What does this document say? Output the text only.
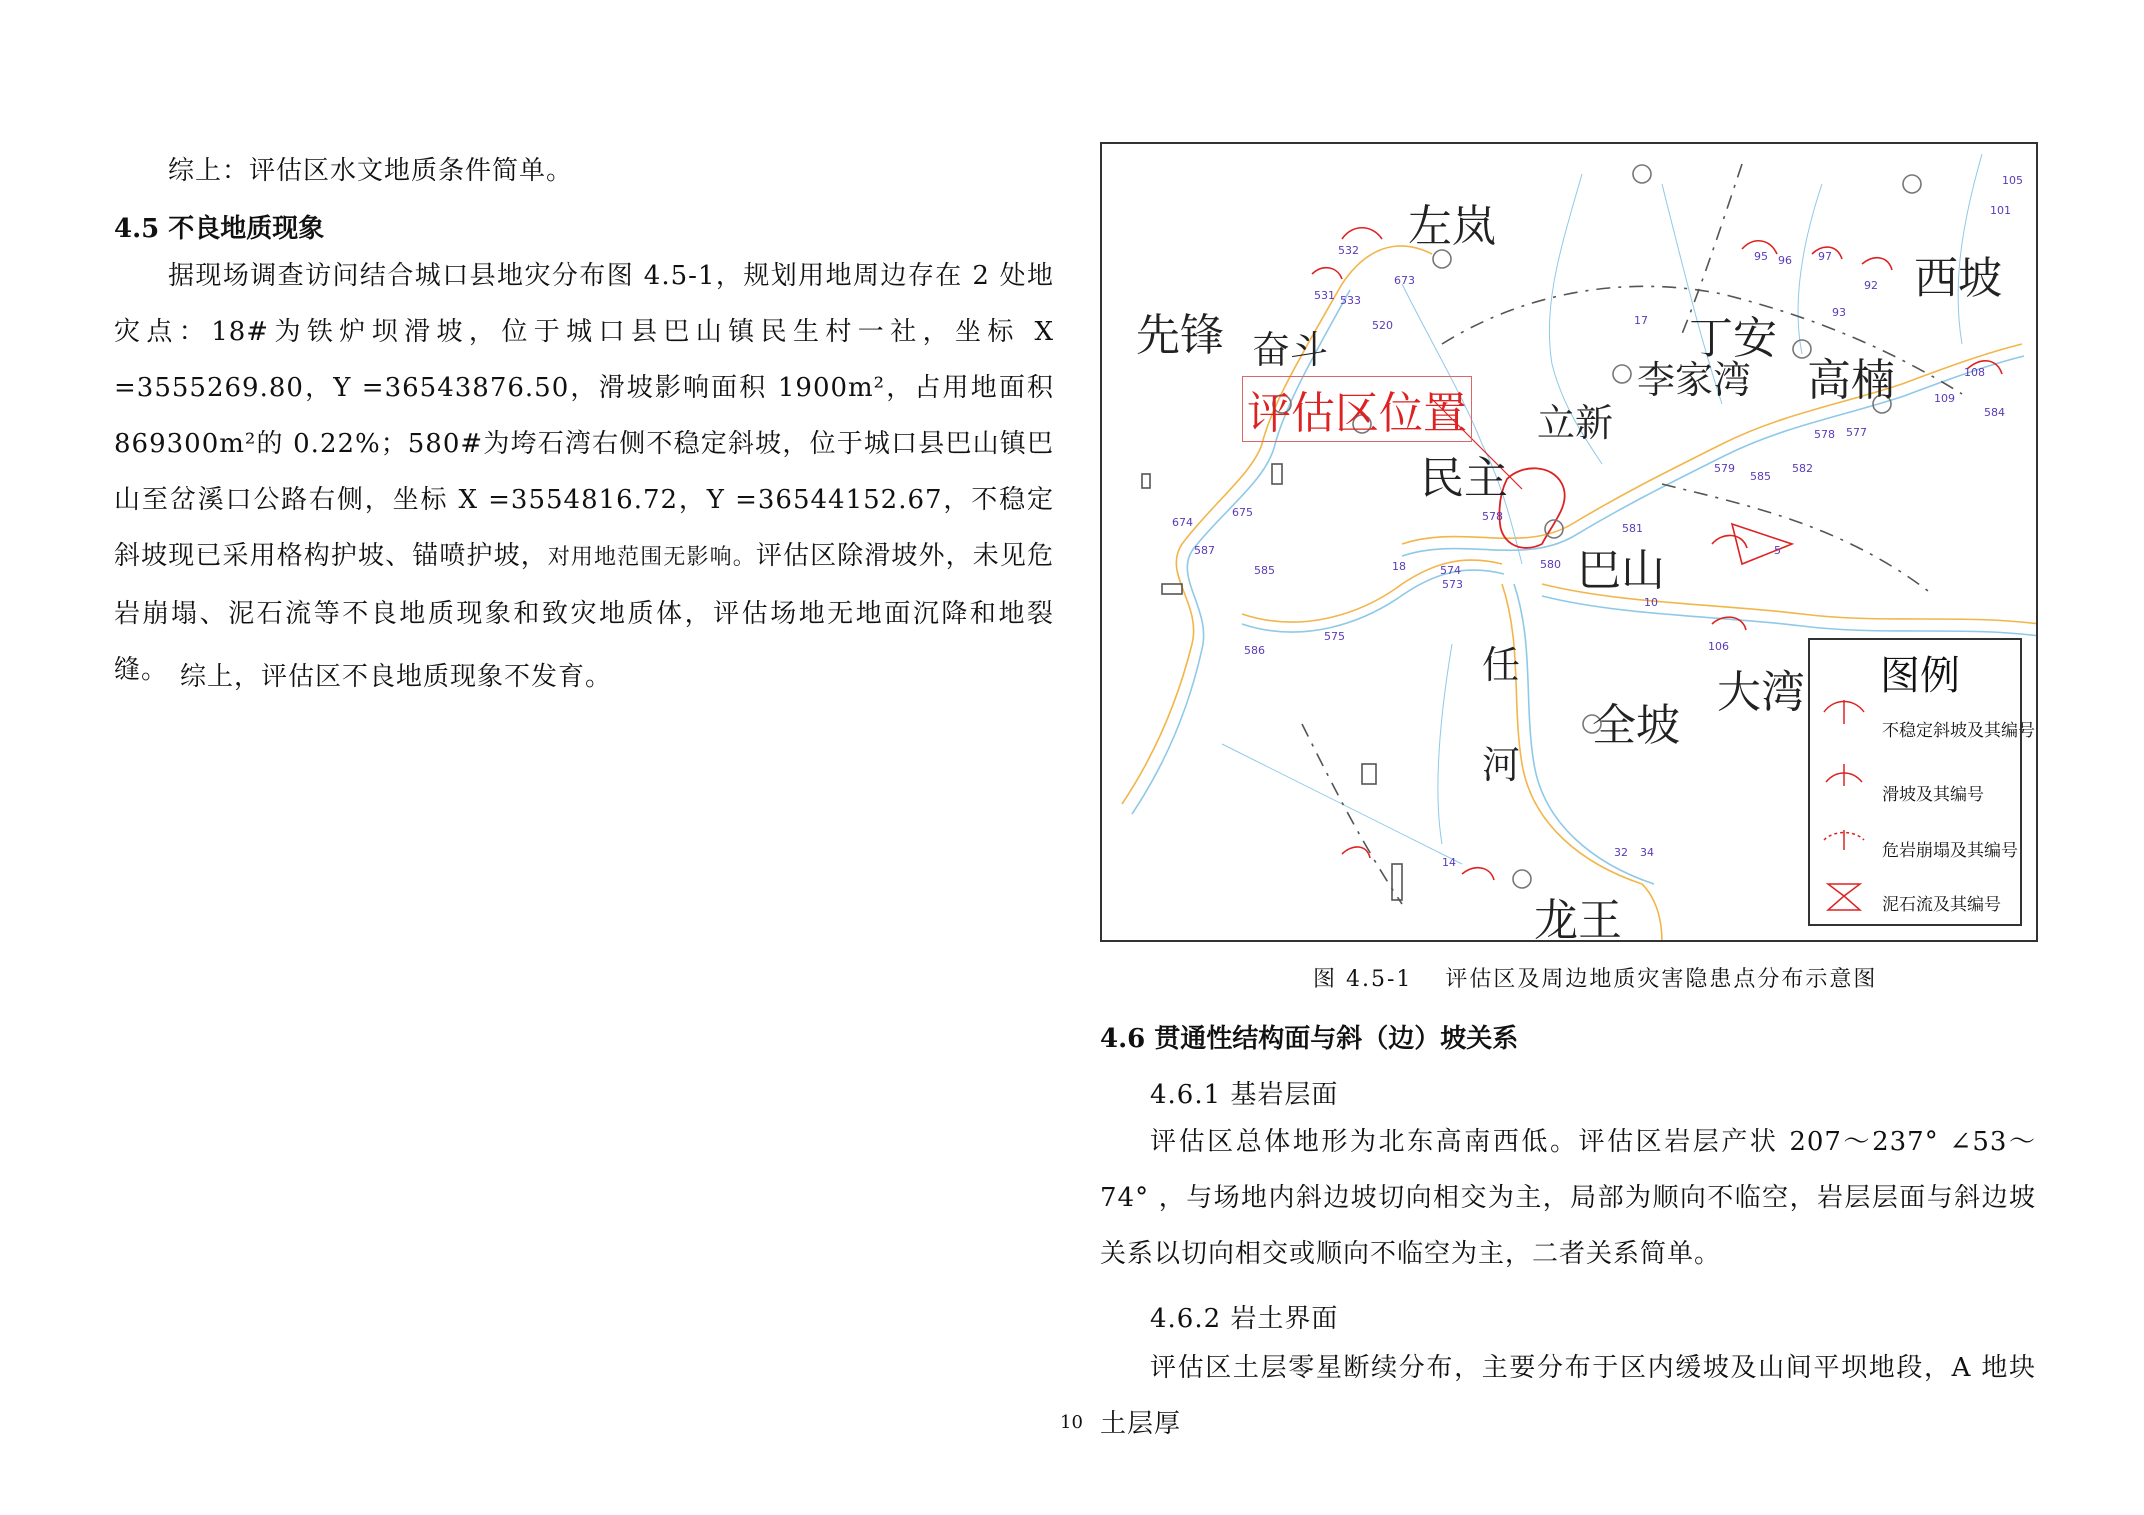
综上：评估区水文地质条件简单。
4.5 不良地质现象
据现场调查访问结合城口县地灾分布图 4.5-1，规划用地周边存在 2 处地灾点：18#为铁炉坝滑坡，位于城口县巴山镇民生村一社，坐标 X =3555269.80，Y =36543876.50，滑坡影响面积 1900m²，占用地面积 869300m²的 0.22%；580#为垮石湾右侧不稳定斜坡，位于城口县巴山镇巴山至岔溪口公路右侧，坐标 X =3554816.72，Y =36544152.67，不稳定斜坡现已采用格构护坡、锚喷护坡，对用地范围无影响。评估区除滑坡外，未见危岩崩塌、泥石流等不良地质现象和致灾地质体，评估场地无地面沉降和地裂缝。 综上，评估区不良地质现象不发育。
左岚
先锋 奋斗	丁安
西坡
李家湾 高楠
立新
民主
巴山
任
河
全坡
大湾
龙王
评估区位置
532
531 533
673
520
97
92
93
96
95
17
105
101
108
109
584
578 577
579
585
582
581
574
573
578
674
675
587
585
586
575
580
10
5
18
34
32
14
106
图例
不稳定斜坡及其编号
滑坡及其编号
危岩崩塌及其编号
泥石流及其编号
图 4.5-1　 评估区及周边地质灾害隐患点分布示意图
4.6 贯通性结构面与斜（边）坡关系
4.6.1 基岩层面
评估区总体地形为北东高南西低。评估区岩层产状 207～237° ∠53～74° ，与场地内斜边坡切向相交为主，局部为顺向不临空，岩层层面与斜边坡关系以切向相交或顺向不临空为主，二者关系简单。
4.6.2 岩土界面
评估区土层零星断续分布，主要分布于区内缓坡及山间平坝地段，A 地块土层厚
10
